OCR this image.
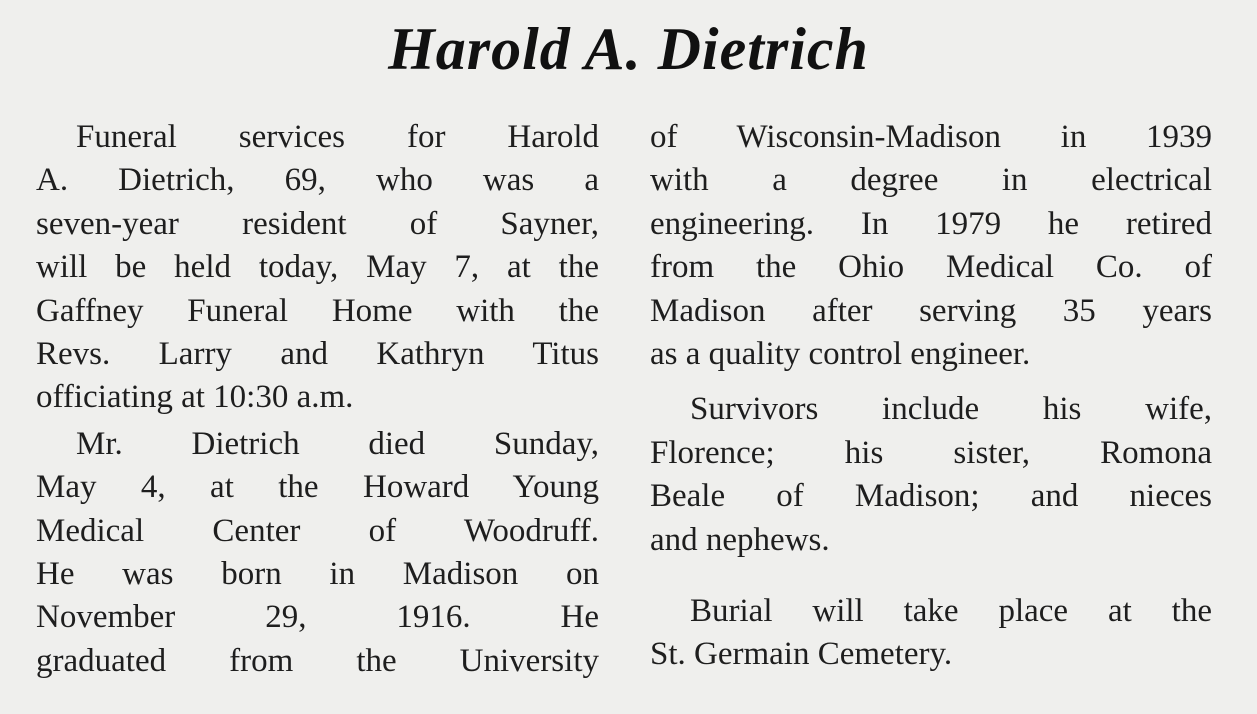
Harold A. Dietrich
Funeral services for Harold
A. Dietrich, 69, who was a
seven-year resident of Sayner,
will be held today, May 7, at the
Gaffney Funeral Home with the
Revs. Larry and Kathryn Titus
officiating at 10:30 a.m.
Mr. Dietrich died Sunday,
May 4, at the Howard Young
Medical Center of Woodruff.
He was born in Madison on
November 29, 1916. He
graduated from the University
of Wisconsin-Madison in 1939
with a degree in electrical
engineering. In 1979 he retired
from the Ohio Medical Co. of
Madison after serving 35 years
as a quality control engineer.
Survivors include his wife,
Florence; his sister, Romona
Beale of Madison; and nieces
and nephews.
Burial will take place at the
St. Germain Cemetery.
